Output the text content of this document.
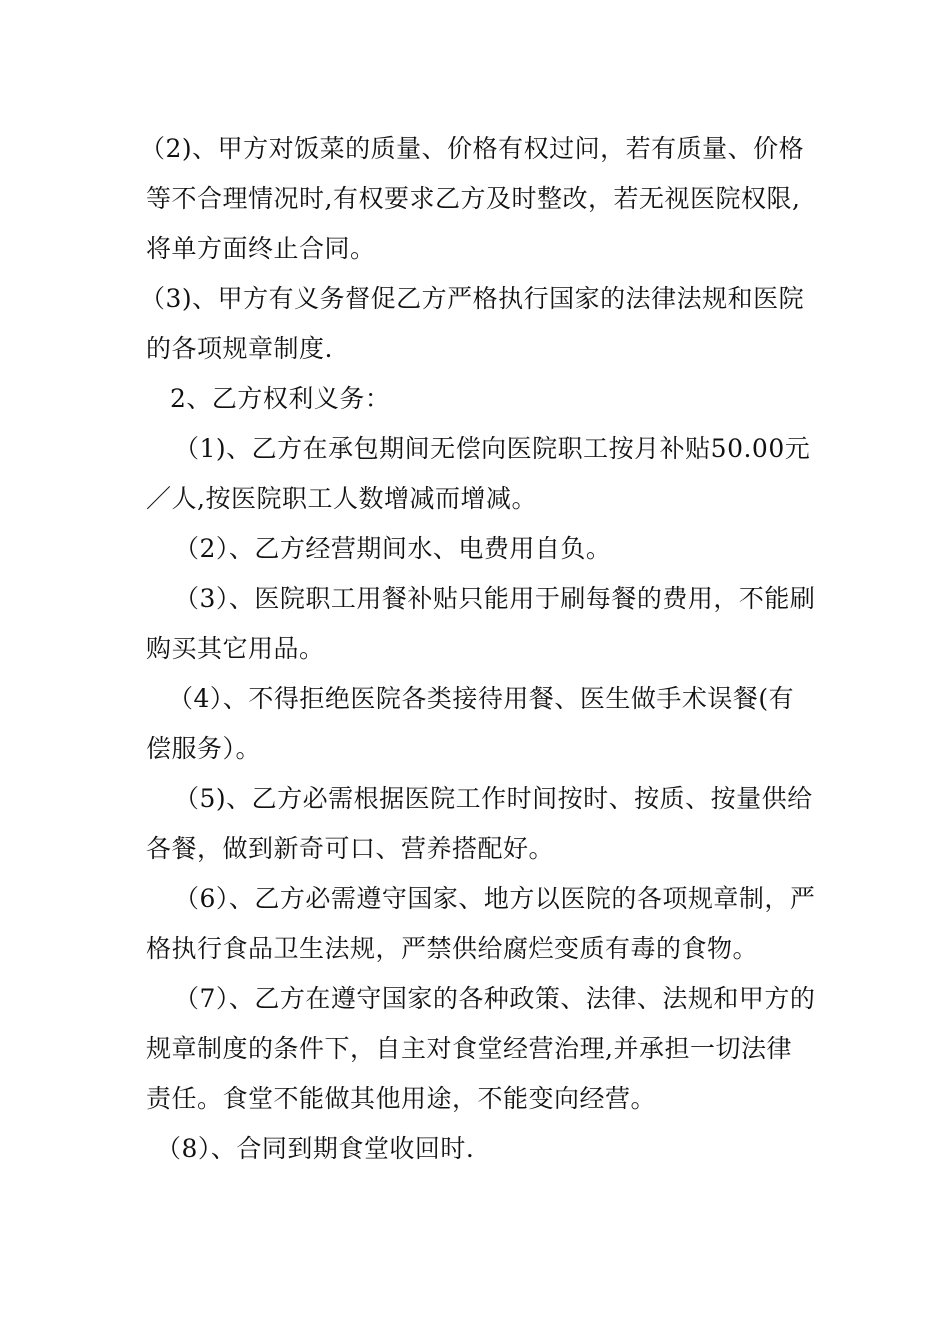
（2)、甲方对饭菜的质量、价格有权过问，若有质量、价格等不合理情况时,有权要求乙方及时整改，若无视医院权限,将单方面终止合同。

（3)、甲方有义务督促乙方严格执行国家的法律法规和医院的各项规章制度.

2、乙方权利义务：

（1)、乙方在承包期间无偿向医院职工按月补贴50.00元／人,按医院职工人数增减而增减。

（2）、乙方经营期间水、电费用自负。

（3）、医院职工用餐补贴只能用于刷每餐的费用，不能刷购买其它用品。

（4）、不得拒绝医院各类接待用餐、医生做手术误餐(有偿服务）。

（5)、乙方必需根据医院工作时间按时、按质、按量供给各餐，做到新奇可口、营养搭配好。

（6）、乙方必需遵守国家、地方以医院的各项规章制，严格执行食品卫生法规，严禁供给腐烂变质有毒的食物。

（7）、乙方在遵守国家的各种政策、法律、法规和甲方的规章制度的条件下，自主对食堂经营治理,并承担一切法律责任。食堂不能做其他用途，不能变向经营。

（8）、合同到期食堂收回时.
